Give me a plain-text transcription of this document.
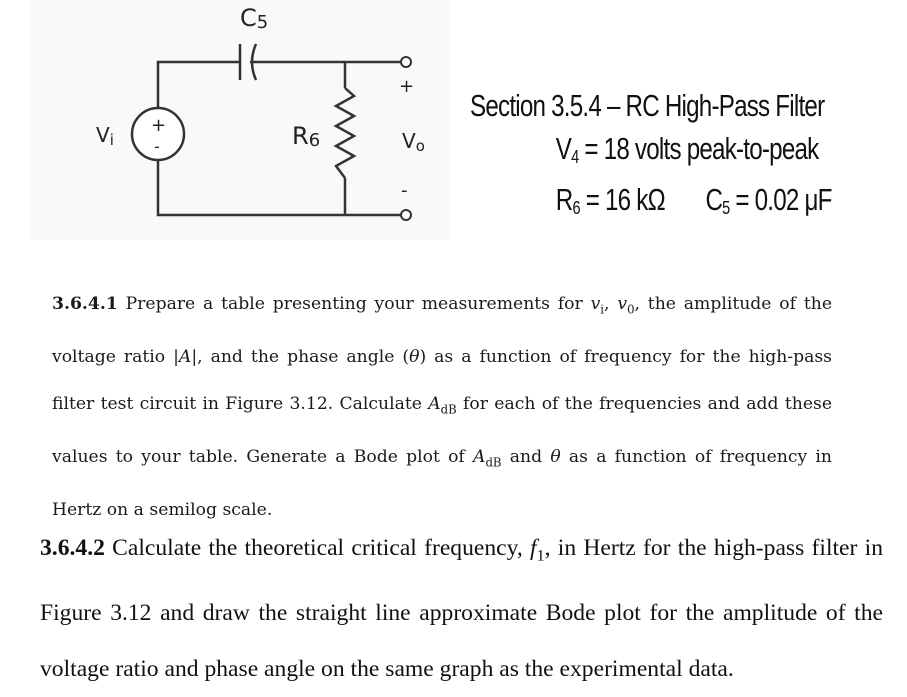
C5
R6
+
-
Vi
+
-
Vo
Section 3.5.4 – RC High-Pass Filter
$V_4 = 18$ volts peak-to-peak
$R_6 = 16$ kΩ $C_5 = 0.02$ μF
3.6.4.1 Prepare a table presenting your measurements for $v_i$, $v_0$, the amplitude of the voltage ratio |A|, and the phase angle (θ) as a function of frequency for the high-pass filter test circuit in Figure 3.12. Calculate $A_{dB}$ for each of the frequencies and add these values to your table. Generate a Bode plot of $A_{dB}$ and θ as a function of frequency in Hertz on a semilog scale.
3.6.4.2 Calculate the theoretical critical frequency, $f_1$, in Hertz for the high-pass filter in Figure 3.12 and draw the straight line approximate Bode plot for the amplitude of the voltage ratio and phase angle on the same graph as the experimental data.
